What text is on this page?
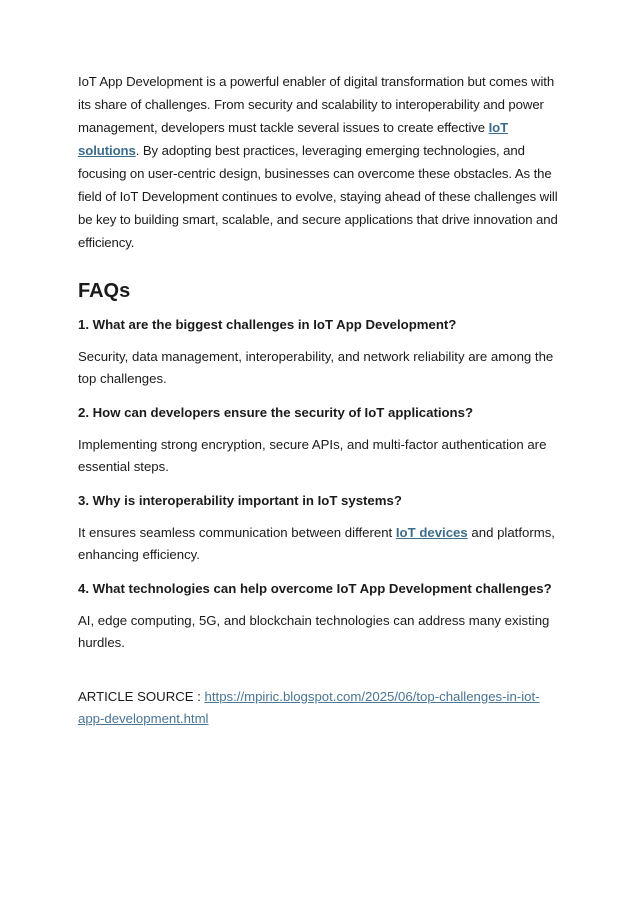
IoT App Development is a powerful enabler of digital transformation but comes with its share of challenges. From security and scalability to interoperability and power management, developers must tackle several issues to create effective IoT solutions. By adopting best practices, leveraging emerging technologies, and focusing on user-centric design, businesses can overcome these obstacles. As the field of IoT Development continues to evolve, staying ahead of these challenges will be key to building smart, scalable, and secure applications that drive innovation and efficiency.

FAQs

1. What are the biggest challenges in IoT App Development?

Security, data management, interoperability, and network reliability are among the top challenges.

2. How can developers ensure the security of IoT applications?

Implementing strong encryption, secure APIs, and multi-factor authentication are essential steps.

3. Why is interoperability important in IoT systems?

It ensures seamless communication between different IoT devices and platforms, enhancing efficiency.

4. What technologies can help overcome IoT App Development challenges?

AI, edge computing, 5G, and blockchain technologies can address many existing hurdles.

ARTICLE SOURCE : https://mpiric.blogspot.com/2025/06/top-challenges-in-iot-app-development.html
